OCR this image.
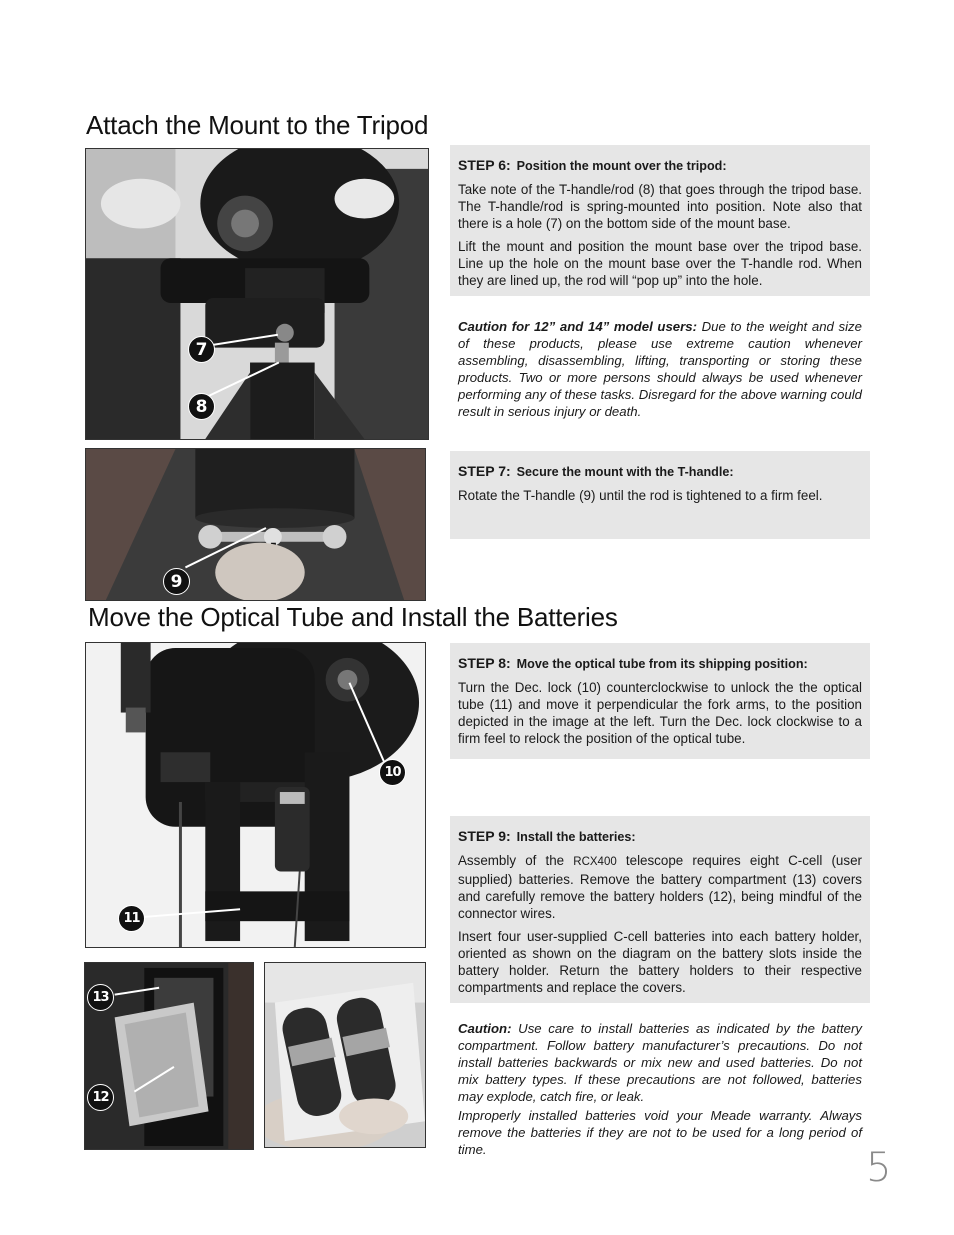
Attach the Mount to the Tripod
7
8

STEP 6: Position the mount over the tripod:

Take note of the T-handle/rod (8) that goes through the tripod base. The T-handle/rod is spring-mounted into position. Note also that there is a hole (7) on the bottom side of the mount base.

Lift the mount and position the mount base over the tripod base. Line up the hole on the mount base over the T-handle rod. When they are lined up, the rod will “pop up” into the hole.

Caution for 12” and 14” model users: Due to the weight and size of these products, please use extreme caution whenever assembling, disassembling, lifting, transporting or storing these products. Two or more persons should always be used whenever performing any of these tasks. Disregard for the above warning could result in serious injury or death.

9

STEP 7: Secure the mount with the T-handle:

Rotate the T-handle (9) until the rod is tightened to a firm feel.

Move the Optical Tube and Install the Batteries
10
11

STEP 8: Move the optical tube from its shipping position:

Turn the Dec. lock (10) counterclockwise to unlock the the optical tube (11) and move it perpendicular the fork arms, to the position depicted in the image at the left. Turn the Dec. lock clockwise to a firm feel to relock the position of the optical tube.

STEP 9: Install the batteries:

Assembly of the RCX400 telescope requires eight C-cell (user supplied) batteries. Remove the battery compartment (13) covers and carefully remove the battery holders (12), being mindful of the connector wires.

Insert four user-supplied C-cell batteries into each battery holder, oriented as shown on the diagram on the battery slots inside the battery holder. Return the battery holders to their respective compartments and replace the covers.

13
12

Caution: Use care to install batteries as indicated by the battery compartment. Follow battery manufacturer’s precautions. Do not install batteries backwards or mix new and used batteries. Do not mix battery types. If these precautions are not followed, batteries may explode, catch fire, or leak.

Improperly installed batteries void your Meade warranty. Always remove the batteries if they are not to be used for a long period of time.	5
